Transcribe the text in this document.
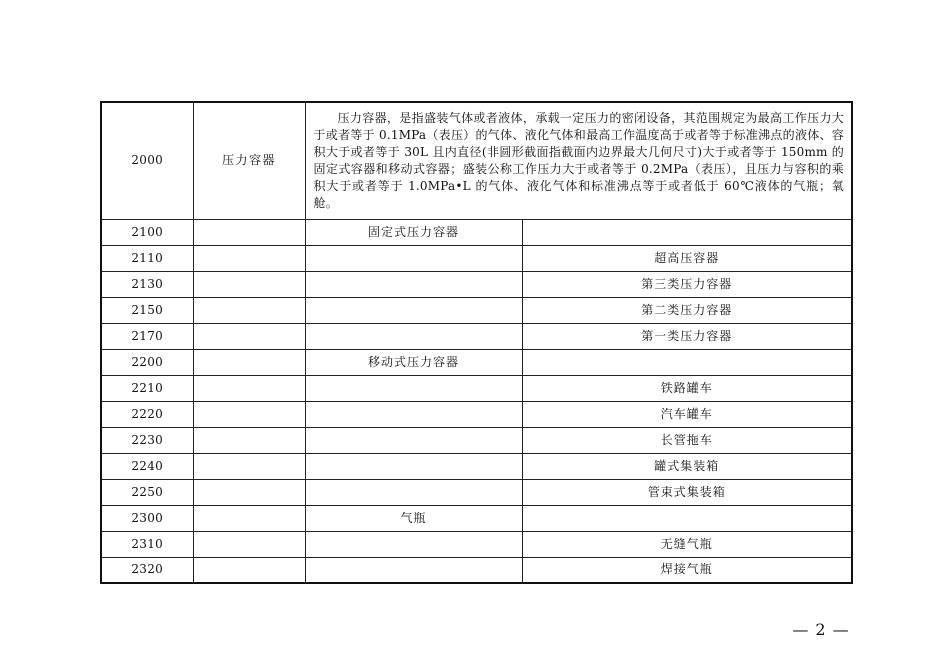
2000	压力容器	压力容器，是指盛装气体或者液体，承载一定压力的密闭设备，其范围规定为最高工作压力大于或者等于 0.1MPa（表压）的气体、液化气体和最高工作温度高于或者等于标准沸点的液体、容积大于或者等于 30L 且内直径(非圆形截面指截面内边界最大几何尺寸)大于或者等于 150mm 的固定式容器和移动式容器；盛装公称工作压力大于或者等于 0.2MPa（表压），且压力与容积的乘积大于或者等于 1.0MPa•L 的气体、液化气体和标准沸点等于或者低于 60℃液体的气瓶；氧舱。	

2100		固定式压力容器	
2110			超高压容器
2130			第三类压力容器
2150			第二类压力容器
2170			第一类压力容器
2200		移动式压力容器	
2210			铁路罐车
2220			汽车罐车
2230			长管拖车
2240			罐式集装箱
2250			管束式集装箱
2300		气瓶	
2310			无缝气瓶
2320			焊接气瓶
— 2 —
